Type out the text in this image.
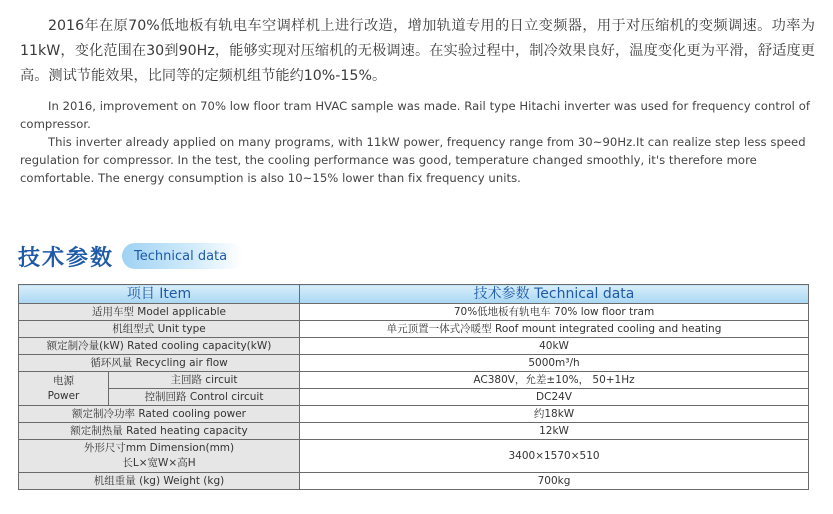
2016年在原70%低地板有轨电车空调样机上进行改造，增加轨道专用的日立变频器，用于对压缩机的变频调速。功率为11kW，变化范围在30到90Hz，能够实现对压缩机的无极调速。在实验过程中，制冷效果良好，温度变化更为平滑，舒适度更高。测试节能效果，比同等的定频机组节能约10%-15%。

In 2016, improvement on 70% low floor tram HVAC sample was made. Rail type Hitachi inverter was used for frequency control of compressor.

This inverter already applied on many programs, with 11kW power, frequency range from 30~90Hz.It can realize step less speed regulation for compressor. In the test, the cooling performance was good, temperature changed smoothly, it's therefore more comfortable. The energy consumption is also 10~15% lower than fix frequency units.

技术参数 Technical data
项目 Item		技术参数 Technical data
适用车型 Model applicable		70%低地板有轨电车 70% low floor tram
机组型式 Unit type		单元顶置一体式冷暖型 Roof mount integrated cooling and heating
额定制冷量(kW) Rated cooling capacity(kW)		40kW
循环风量 Recycling air flow		5000m³/h

电源
Power	主回路 circuit	AC380V，允差±10%， 50+1Hz
	控制回路 Control circuit	DC24V
额定制冷功率 Rated cooling power		约18kW
额定制热量 Rated heating capacity		12kW

外形尺寸mm Dimension(mm)
长L×宽W×高H		3400×1570×510
机组重量 (kg) Weight (kg)		700kg
